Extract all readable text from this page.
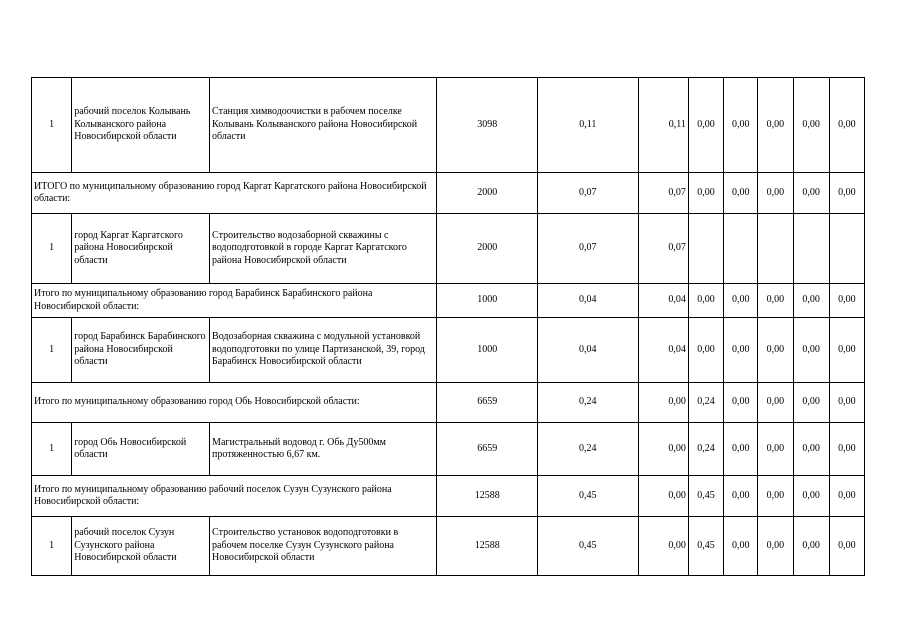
1	рабочий поселок Колывань Колыванского района Новосибирской области	Станция химводоочистки в рабочем поселке Колывань Колыванского района Новосибирской области	3098	0,11	0,11	0,00	0,00	0,00	0,00	0,00
ИТОГО по муниципальному образованию город Каргат Каргатского района Новосибирской области:			2000	0,07	0,07	0,00	0,00	0,00	0,00	0,00
1	город Каргат Каргатского района Новосибирской области	Строительство водозаборной скважины с водоподготовкой в городе Каргат Каргатского района Новосибирской области	2000	0,07	0,07					
Итого по муниципальному образованию город Барабинск Барабинского района Новосибирской области:			1000	0,04	0,04	0,00	0,00	0,00	0,00	0,00
1	город Барабинск Барабинского района Новосибирской области	Водозаборная скважина с модульной установкой водоподготовки по улице Партизанской, 39, город Барабинск Новосибирской области	1000	0,04	0,04	0,00	0,00	0,00	0,00	0,00
Итого по муниципальному образованию город Обь Новосибирской области:			6659	0,24	0,00	0,24	0,00	0,00	0,00	0,00
1	город Обь Новосибирской области	Магистральный водовод г. Обь Ду500мм протяженностью 6,67 км.	6659	0,24	0,00	0,24	0,00	0,00	0,00	0,00
Итого по муниципальному образованию рабочий поселок Сузун Сузунского района Новосибирской области:			12588	0,45	0,00	0,45	0,00	0,00	0,00	0,00
1	рабочий поселок Сузун Сузунского района Новосибирской области	Строительство установок водоподготовки в рабочем поселке Сузун Сузунского района Новосибирской области	12588	0,45	0,00	0,45	0,00	0,00	0,00	0,00
